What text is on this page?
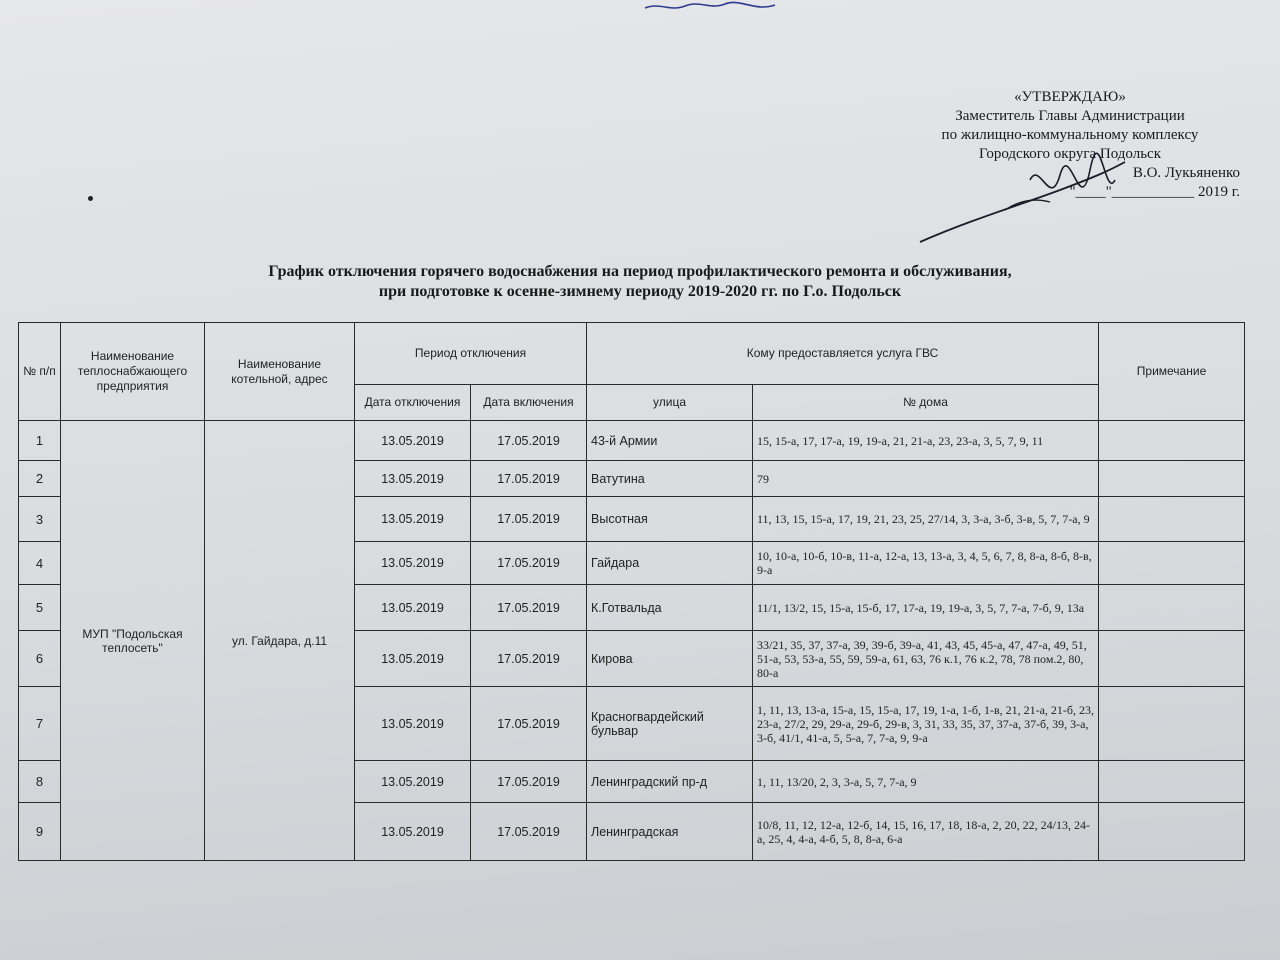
«УТВЕРЖДАЮ»
Заместитель Главы Администрации
по жилищно-коммунальному комплексу
Городского округа Подольск
В.О. Лукьяненко
"____"___________ 2019 г.
График отключения горячего водоснабжения на период профилактического ремонта и обслуживания,
при подготовке к осенне-зимнему периоду 2019-2020 гг. по Г.о. Подольск
№ п/п	Наименование теплоснабжающего предприятия	Наименование котельной, адрес	Период отключения		Кому предоставляется услуга ГВС		Примечание
			Дата отключения	Дата включения	улица	№ дома	
1	МУП "Подольская теплосеть"	ул. Гайдара, д.11	13.05.2019	17.05.2019	43-й Армии	15, 15-а, 17, 17-а, 19, 19-а, 21, 21-а, 23, 23-а, 3, 5, 7, 9, 11	
2			13.05.2019	17.05.2019	Ватутина	79	
3			13.05.2019	17.05.2019	Высотная	11, 13, 15, 15-а, 17, 19, 21, 23, 25, 27/14, 3, 3-а, 3-б, 3-в, 5, 7, 7-а, 9	
4			13.05.2019	17.05.2019	Гайдара	10, 10-а, 10-б, 10-в, 11-а, 12-а, 13, 13-а, 3, 4, 5, 6, 7, 8, 8-а, 8-б, 8-в, 9-а	
5			13.05.2019	17.05.2019	К.Готвальда	11/1, 13/2, 15, 15-а, 15-б, 17, 17-а, 19, 19-а, 3, 5, 7, 7-а, 7-б, 9, 13а	
6			13.05.2019	17.05.2019	Кирова	33/21, 35, 37, 37-а, 39, 39-б, 39-а, 41, 43, 45, 45-а, 47, 47-а, 49, 51, 51-а, 53, 53-а, 55, 59, 59-а, 61, 63, 76 к.1, 76 к.2, 78, 78 пом.2, 80, 80-а	
7			13.05.2019	17.05.2019	Красногвардейский бульвар	1, 11, 13, 13-а, 15-а, 15, 15-а, 17, 19, 1-а, 1-б, 1-в, 21, 21-а, 21-б, 23, 23-а, 27/2, 29, 29-а, 29-б, 29-в, 3, 31, 33, 35, 37, 37-а, 37-б, 39, 3-а, 3-б, 41/1, 41-а, 5, 5-а, 7, 7-а, 9, 9-а	
8			13.05.2019	17.05.2019	Ленинградский пр-д	1, 11, 13/20, 2, 3, 3-а, 5, 7, 7-а, 9	
9			13.05.2019	17.05.2019	Ленинградская	10/8, 11, 12, 12-а, 12-б, 14, 15, 16, 17, 18, 18-а, 2, 20, 22, 24/13, 24-а, 25, 4, 4-а, 4-б, 5, 8, 8-а, 6-а	
